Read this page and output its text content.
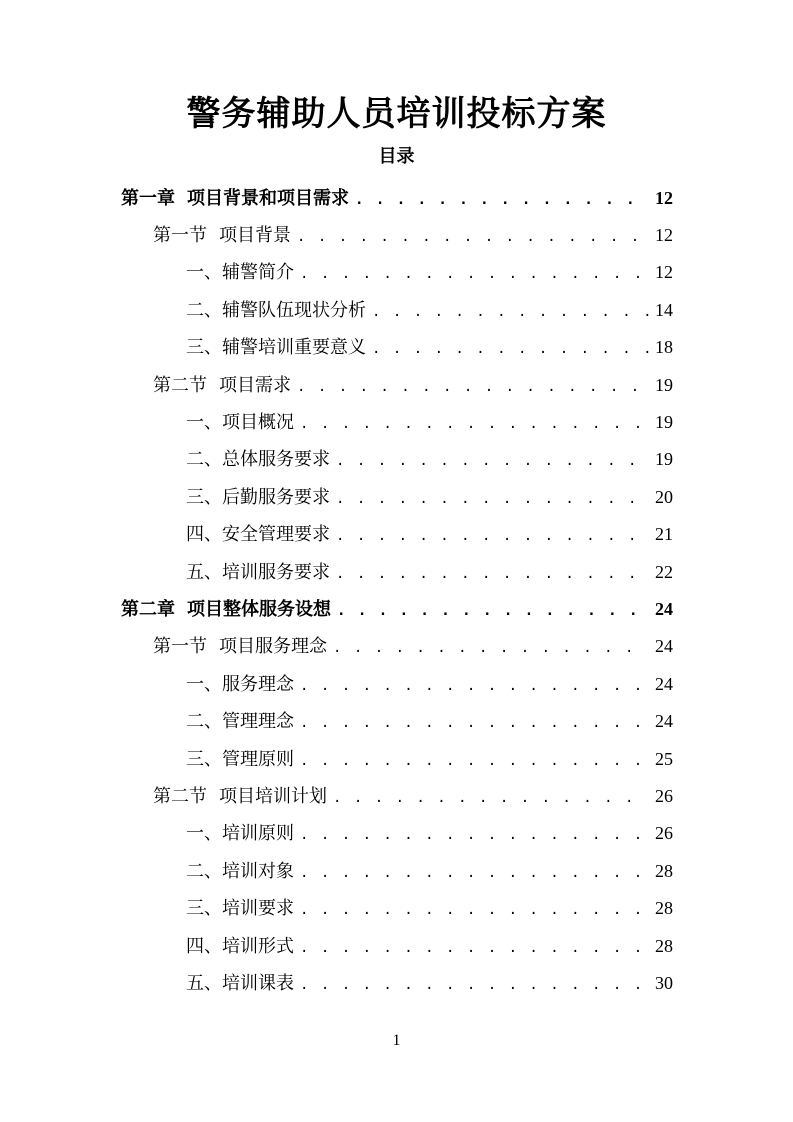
警务辅助人员培训投标方案
目录
第一章 项目背景和项目需求 . . .	12
第一节 项目背景 . . .	12
一、辅警简介 . . .	12
二、辅警队伍现状分析 . . .	14
三、辅警培训重要意义 . . .	18
第二节 项目需求 . . .	19
一、项目概况 . . .	19
二、总体服务要求 . . .	19
三、后勤服务要求 . . .	20
四、安全管理要求 . . .	21
五、培训服务要求 . . .	22
第二章 项目整体服务设想 . . .	24
第一节 项目服务理念 . . .	24
一、服务理念 . . .	24
二、管理理念 . . .	24
三、管理原则 . . .	25
第二节 项目培训计划 . . .	26
一、培训原则 . . .	26
二、培训对象 . . .	28
三、培训要求 . . .	28
四、培训形式 . . .	28
五、培训课表 . . .	30
1
